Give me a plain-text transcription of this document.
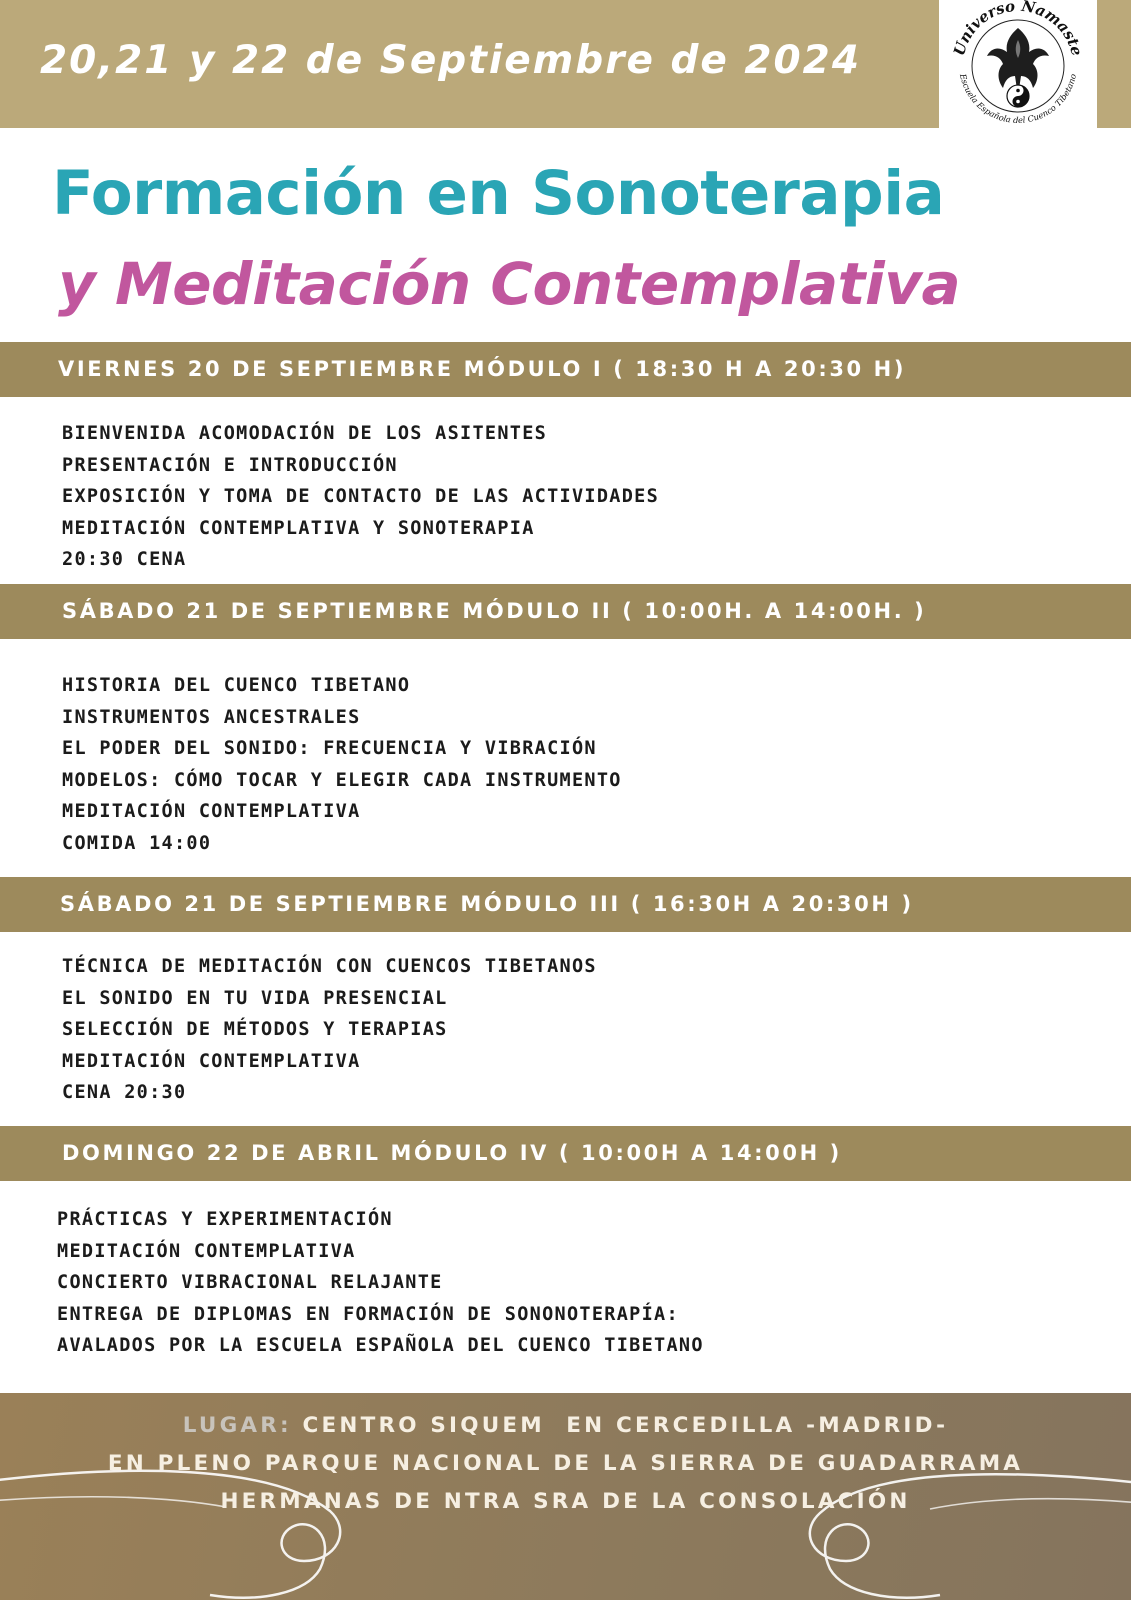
20,21 y 22 de Septiembre de 2024	Universo Namaste
Escuela Española del Cuenco Tibetano
Formación en Sonoterapia
y Meditación Contemplativa
VIERNES 20 DE SEPTIEMBRE MÓDULO I ( 18:30 H A 20:30 H)
BIENVENIDA ACOMODACIÓN DE LOS ASITENTES
PRESENTACIÓN E INTRODUCCIÓN
EXPOSICIÓN Y TOMA DE CONTACTO DE LAS ACTIVIDADES
MEDITACIÓN CONTEMPLATIVA Y SONOTERAPIA
20:30 CENA
SÁBADO 21 DE SEPTIEMBRE MÓDULO II ( 10:00H. A 14:00H. )
HISTORIA DEL CUENCO TIBETANO
INSTRUMENTOS ANCESTRALES
EL PODER DEL SONIDO: FRECUENCIA Y VIBRACIÓN
MODELOS: CÓMO TOCAR Y ELEGIR CADA INSTRUMENTO
MEDITACIÓN CONTEMPLATIVA
COMIDA 14:00
SÁBADO 21 DE SEPTIEMBRE MÓDULO III ( 16:30H A 20:30H )
TÉCNICA DE MEDITACIÓN CON CUENCOS TIBETANOS
EL SONIDO EN TU VIDA PRESENCIAL
SELECCIÓN DE MÉTODOS Y TERAPIAS
MEDITACIÓN CONTEMPLATIVA
CENA 20:30
DOMINGO 22 DE ABRIL MÓDULO IV ( 10:00H A 14:00H )
PRÁCTICAS Y EXPERIMENTACIÓN
MEDITACIÓN CONTEMPLATIVA
CONCIERTO VIBRACIONAL RELAJANTE
ENTREGA DE DIPLOMAS EN FORMACIÓN DE SONONOTERAPÍA:
AVALADOS POR LA ESCUELA ESPAÑOLA DEL CUENCO TIBETANO

LUGAR: CENTRO SIQUEM  EN CERCEDILLA -MADRID-

EN PLENO PARQUE NACIONAL DE LA SIERRA DE GUADARRAMA

HERMANAS DE NTRA SRA DE LA CONSOLACIÓN
